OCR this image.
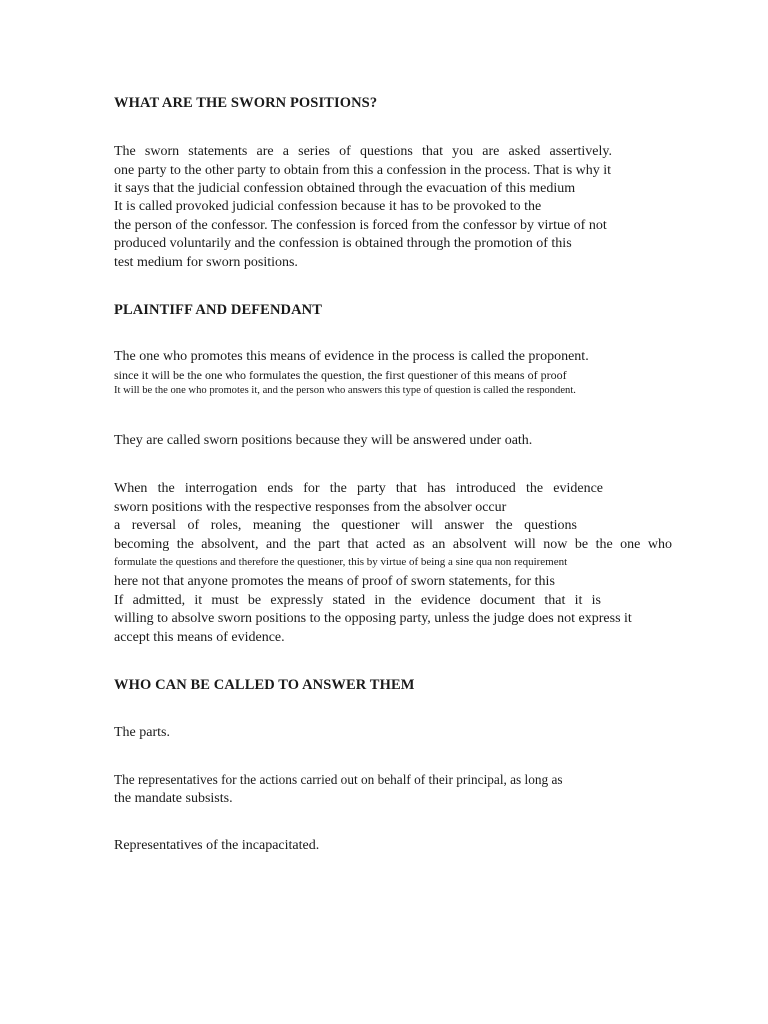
WHAT ARE THE SWORN POSITIONS?
The sworn statements are a series of questions that you are asked assertively.
one party to the other party to obtain from this a confession in the process. That is why it
it says that the judicial confession obtained through the evacuation of this medium
It is called provoked judicial confession because it has to be provoked to the
the person of the confessor. The confession is forced from the confessor by virtue of not
produced voluntarily and the confession is obtained through the promotion of this
test medium for sworn positions.
PLAINTIFF AND DEFENDANT
The one who promotes this means of evidence in the process is called the proponent.
since it will be the one who formulates the question, the first questioner of this means of proof
It will be the one who promotes it, and the person who answers this type of question is called the respondent.
They are called sworn positions because they will be answered under oath.
When the interrogation ends for the party that has introduced the evidence
sworn positions with the respective responses from the absolver occur
a reversal of roles, meaning the questioner will answer the questions
becoming the absolvent, and the part that acted as an absolvent will now be the one who
formulate the questions and therefore the questioner, this by virtue of being a sine qua non requirement
here not that anyone promotes the means of proof of sworn statements, for this
If admitted, it must be expressly stated in the evidence document that it is
willing to absolve sworn positions to the opposing party, unless the judge does not express it
accept this means of evidence.
WHO CAN BE CALLED TO ANSWER THEM
The parts.
The representatives for the actions carried out on behalf of their principal, as long as
the mandate subsists.
Representatives of the incapacitated.
